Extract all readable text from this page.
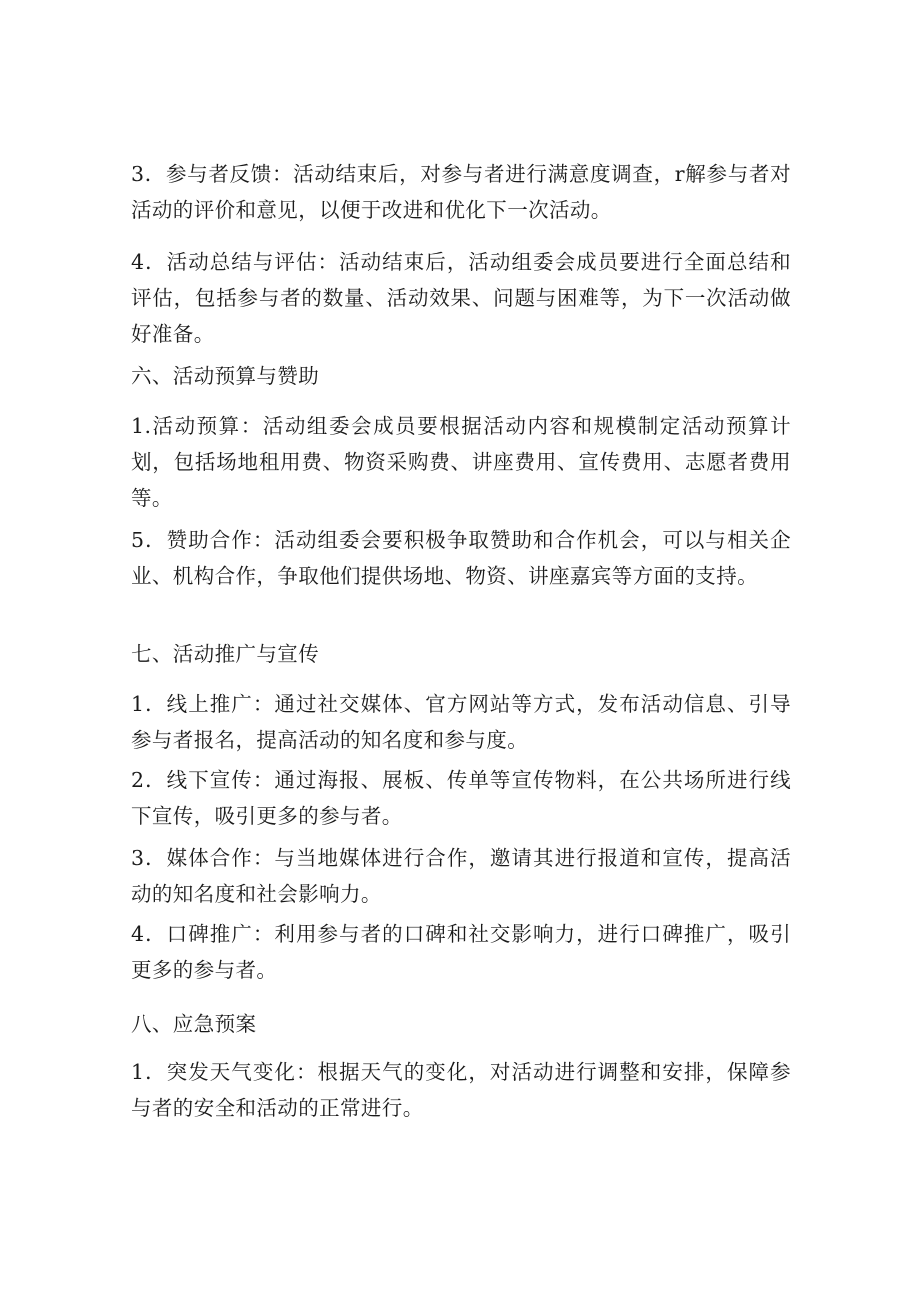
3．参与者反馈：活动结束后，对参与者进行满意度调查，r解参与者对活动的评价和意见，以便于改进和优化下一次活动。

4．活动总结与评估：活动结束后，活动组委会成员要进行全面总结和评估，包括参与者的数量、活动效果、问题与困难等，为下一次活动做好准备。

六、活动预算与赞助

1.活动预算：活动组委会成员要根据活动内容和规模制定活动预算计划，包括场地租用费、物资采购费、讲座费用、宣传费用、志愿者费用等。

5．赞助合作：活动组委会要积极争取赞助和合作机会，可以与相关企业、机构合作，争取他们提供场地、物资、讲座嘉宾等方面的支持。

七、活动推广与宣传

1．线上推广：通过社交媒体、官方网站等方式，发布活动信息、引导参与者报名，提高活动的知名度和参与度。

2．线下宣传：通过海报、展板、传单等宣传物料，在公共场所进行线下宣传，吸引更多的参与者。

3．媒体合作：与当地媒体进行合作，邀请其进行报道和宣传，提高活动的知名度和社会影响力。

4．口碑推广：利用参与者的口碑和社交影响力，进行口碑推广，吸引更多的参与者。

八、应急预案

1．突发天气变化：根据天气的变化，对活动进行调整和安排，保障参与者的安全和活动的正常进行。
